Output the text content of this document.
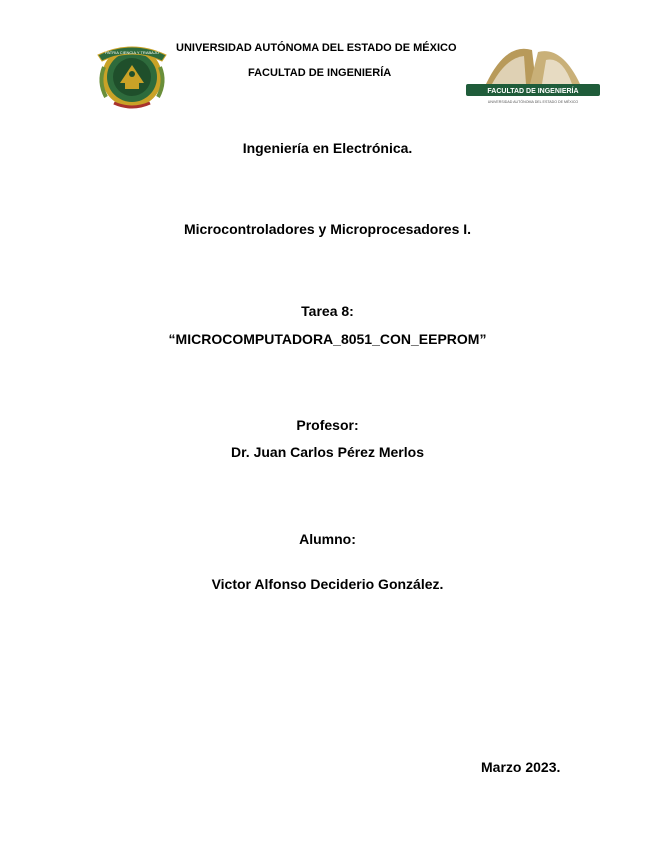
PATRIA CIENCIA Y TRABAJO UNIVERSIDAD AUTÓNOMA DEL ESTADO DE MÉXICO
FACULTAD DE INGENIERÍA
FACULTAD DE INGENIERÍA
UNIVERSIDAD AUTÓNOMA DEL ESTADO DE MÉXICO
Ingeniería en Electrónica.
Microcontroladores y Microprocesadores I.
Tarea 8:
“MICROCOMPUTADORA_8051_CON_EEPROM”
Profesor:
Dr. Juan Carlos Pérez Merlos
Alumno:
Victor Alfonso Deciderio González.
Marzo 2023.
